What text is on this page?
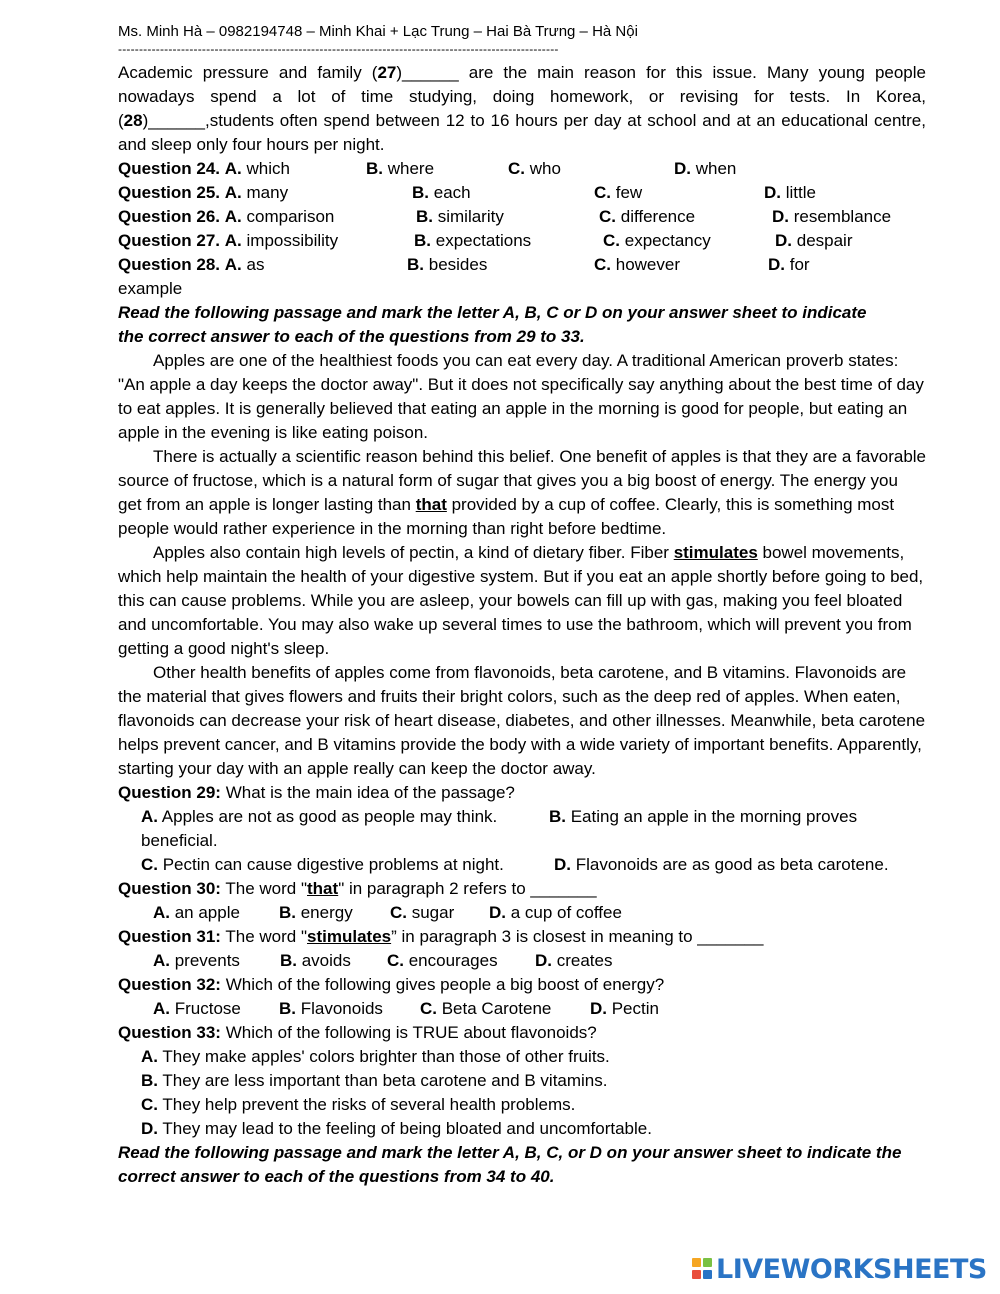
Ms. Minh Hà – 0982194748 – Minh Khai + Lạc Trung – Hai Bà Trưng – Hà Nội
---------------------------------------------------------------------------------------------------------
Academic pressure and family (27)______ are the main reason for this issue. Many young people nowadays spend a lot of time studying, doing homework, or revising for tests. In Korea, (28)______,students often spend between 12 to 16 hours per day at school and at an educational centre, and sleep only four hours per night.
Question 24. A. which	B. where	C. who	D. when
Question 25. A. many	B. each	C. few	D. little
Question 26. A. comparison	B. similarity	C. difference	D. resemblance
Question 27. A. impossibility	B. expectations	C. expectancy	D. despair
Question 28. A. as	B. besides	C. however	D. for
example
Read the following passage and mark the letter A, B, C or D on your answer sheet to indicate the correct answer to each of the questions from 29 to 33.
Apples are one of the healthiest foods you can eat every day. A traditional American proverb states: "An apple a day keeps the doctor away". But it does not specifically say anything about the best time of day to eat apples. It is generally believed that eating an apple in the morning is good for people, but eating an apple in the evening is like eating poison.
There is actually a scientific reason behind this belief. One benefit of apples is that they are a favorable source of fructose, which is a natural form of sugar that gives you a big boost of energy. The energy you get from an apple is longer lasting than that provided by a cup of coffee. Clearly, this is something most people would rather experience in the morning than right before bedtime.
Apples also contain high levels of pectin, a kind of dietary fiber. Fiber stimulates bowel movements, which help maintain the health of your digestive system. But if you eat an apple shortly before going to bed, this can cause problems. While you are asleep, your bowels can fill up with gas, making you feel bloated and uncomfortable. You may also wake up several times to use the bathroom, which will prevent you from getting a good night's sleep.
Other health benefits of apples come from flavonoids, beta carotene, and B vitamins. Flavonoids are the material that gives flowers and fruits their bright colors, such as the deep red of apples. When eaten, flavonoids can decrease your risk of heart disease, diabetes, and other illnesses. Meanwhile, beta carotene helps prevent cancer, and B vitamins provide the body with a wide variety of important benefits. Apparently, starting your day with an apple really can keep the doctor away.
Question 29: What is the main idea of the passage?
A. Apples are not as good as people may think.	B. Eating an apple in the morning proves
beneficial.
C. Pectin can cause digestive problems at night.	D. Flavonoids are as good as beta carotene.
Question 30: The word "that" in paragraph 2 refers to _______
A. an apple	B. energy	C. sugar	D. a cup of coffee
Question 31: The word "stimulates” in paragraph 3 is closest in meaning to _______
A. prevents	B. avoids	C. encourages	D. creates
Question 32: Which of the following gives people a big boost of energy?
A. Fructose	B. Flavonoids	C. Beta Carotene	D. Pectin
Question 33: Which of the following is TRUE about flavonoids?
A. They make apples' colors brighter than those of other fruits.
B. They are less important than beta carotene and B vitamins.
C. They help prevent the risks of several health problems.
D. They may lead to the feeling of being bloated and uncomfortable.
Read the following passage and mark the letter A, B, C, or D on your answer sheet to indicate the correct answer to each of the questions from 34 to 40.
LIVEWORKSHEETS
